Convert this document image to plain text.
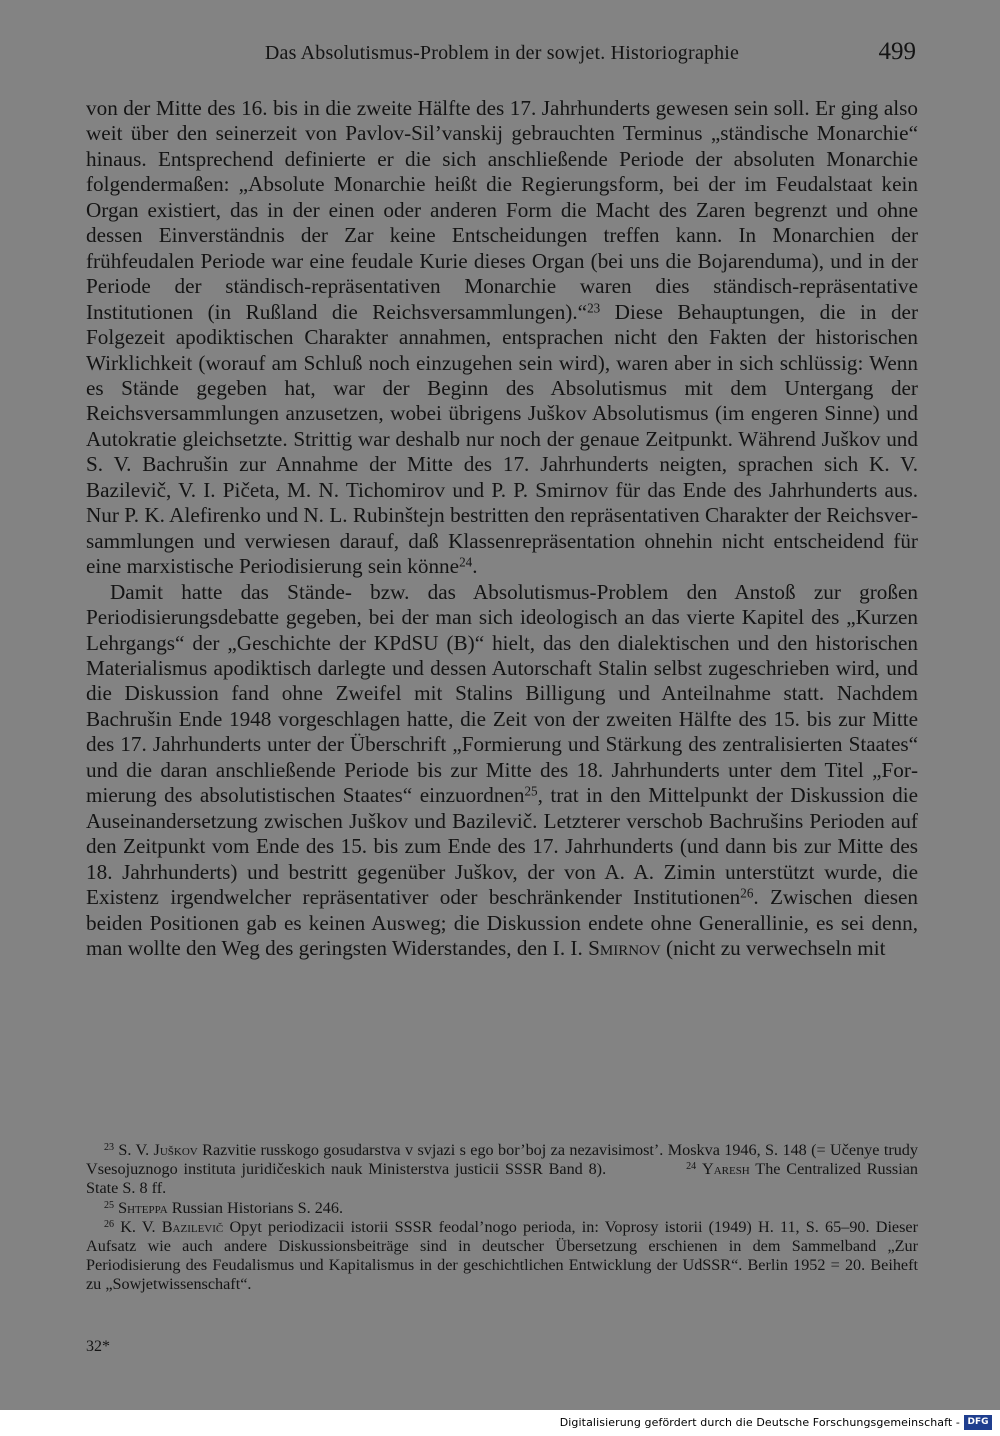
Das Absolutismus-Problem in der sowjet. Historiographie	499

von der Mitte des 16. bis in die zweite Hälfte des 17. Jahrhunderts gewesen sein soll. Er ging also weit über den seinerzeit von Pavlov-Sil’vanskij gebrauchten Terminus „ständische Monarchie“ hinaus. Entsprechend definierte er die sich anschließende Periode der absoluten Monarchie folgendermaßen: „Absolute Monarchie heißt die Regierungsform, bei der im Feudalstaat kein Organ existiert, das in der einen oder anderen Form die Macht des Zaren begrenzt und ohne dessen Einverständnis der Zar keine Entscheidungen treffen kann. In Monarchien der frühfeudalen Periode war eine feudale Kurie dieses Organ (bei uns die Bojarenduma), und in der Periode der ständisch-repräsentativen Monarchie waren dies ständisch-repräsentative Institutionen (in Rußland die Reichsversammlungen).“$^{23}$ Diese Behauptungen, die in der Folgezeit apodiktischen Charakter annahmen, entsprachen nicht den Fakten der historischen Wirklichkeit (worauf am Schluß noch einzugehen sein wird), waren aber in sich schlüssig: Wenn es Stände gegeben hat, war der Beginn des Absolutismus mit dem Untergang der Reichsversammlungen anzusetzen, wobei übrigens Juškov Absolutismus (im engeren Sinne) und Autokratie gleichsetzte. Strittig war deshalb nur noch der genaue Zeitpunkt. Während Juškov und S. V. Bachrušin zur Annahme der Mitte des 17. Jahrhunderts neigten, sprachen sich K. V. Bazilevič, V. I. Pičeta, M. N. Tichomirov und P. P. Smirnov für das Ende des Jahrhunderts aus. Nur P. K. Alefirenko und N. L. Rubinštejn bestritten den repräsentativen Charakter der Reichsversammlungen und verwiesen darauf, daß Klassenrepräsentation ohnehin nicht entscheidend für eine marxistische Periodisierung sein könne$^{24}$.

Damit hatte das Stände- bzw. das Absolutismus-Problem den Anstoß zur großen Periodisierungsdebatte gegeben, bei der man sich ideologisch an das vierte Kapitel des „Kurzen Lehrgangs“ der „Geschichte der KPdSU (B)“ hielt, das den dialektischen und den historischen Materialismus apodiktisch darlegte und dessen Autorschaft Stalin selbst zugeschrieben wird, und die Diskussion fand ohne Zweifel mit Stalins Billigung und Anteilnahme statt. Nachdem Bachrušin Ende 1948 vorgeschlagen hatte, die Zeit von der zweiten Hälfte des 15. bis zur Mitte des 17. Jahrhunderts unter der Überschrift „Formierung und Stärkung des zentralisierten Staates“ und die daran anschließende Periode bis zur Mitte des 18. Jahrhunderts unter dem Titel „Formierung des absolutistischen Staates“ einzuordnen$^{25}$, trat in den Mittelpunkt der Diskussion die Auseinandersetzung zwischen Juškov und Bazilevič. Letzterer verschob Bachrušins Perioden auf den Zeitpunkt vom Ende des 15. bis zum Ende des 17. Jahrhunderts (und dann bis zur Mitte des 18. Jahrhunderts) und bestritt gegenüber Juškov, der von A. A. Zimin unterstützt wurde, die Existenz irgendwelcher repräsentativer oder beschränkender Institutionen$^{26}$. Zwischen diesen beiden Positionen gab es keinen Ausweg; die Diskussion endete ohne Generallinie, es sei denn, man wollte den Weg des geringsten Widerstandes, den I. I. Smirnov (nicht zu verwechseln mit

$^{23}$ S. V. Juškov Razvitie russkogo gosudarstva v svjazi s ego bor’boj za nezavisimost’. Moskva 1946, S. 148 (= Učenye trudy Vsesojuznogo instituta juridičeskich nauk Ministerstva justicii SSSR Band 8).	$^{24}$ Yaresh The Centralized Russian State S. 8 ff.

$^{25}$ Shteppa Russian Historians S. 246.

$^{26}$ K. V. Bazilevič Opyt periodizacii istorii SSSR feodal’nogo perioda, in: Voprosy istorii (1949) H. 11, S. 65–90. Dieser Aufsatz wie auch andere Diskussionsbeiträge sind in deutscher Übersetzung erschienen in dem Sammelband „Zur Periodisierung des Feudalismus und Kapitalismus in der geschichtlichen Entwicklung der UdSSR“. Berlin 1952 = 20. Beiheft zu „Sowjetwissenschaft“.

32*
Digitalisierung gefördert durch die Deutsche Forschungsgemeinschaft - DFG
